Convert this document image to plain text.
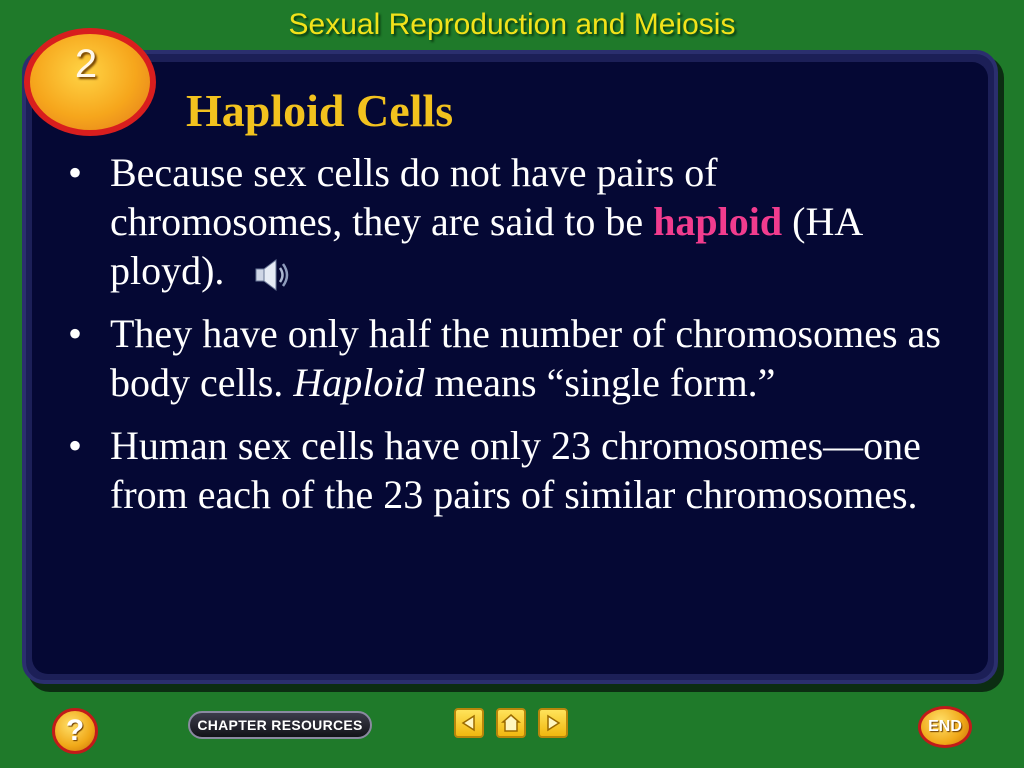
Sexual Reproduction and Meiosis
2
Haploid Cells
• Because sex cells do not have pairs of chromosomes, they are said to be haploid (HA ployd).
• They have only half the number of chromosomes as body cells. Haploid means “single form.”
• Human sex cells have only 23 chromosomes—one from each of the 23 pairs of similar chromosomes.
?	CHAPTER RESOURCES	END
